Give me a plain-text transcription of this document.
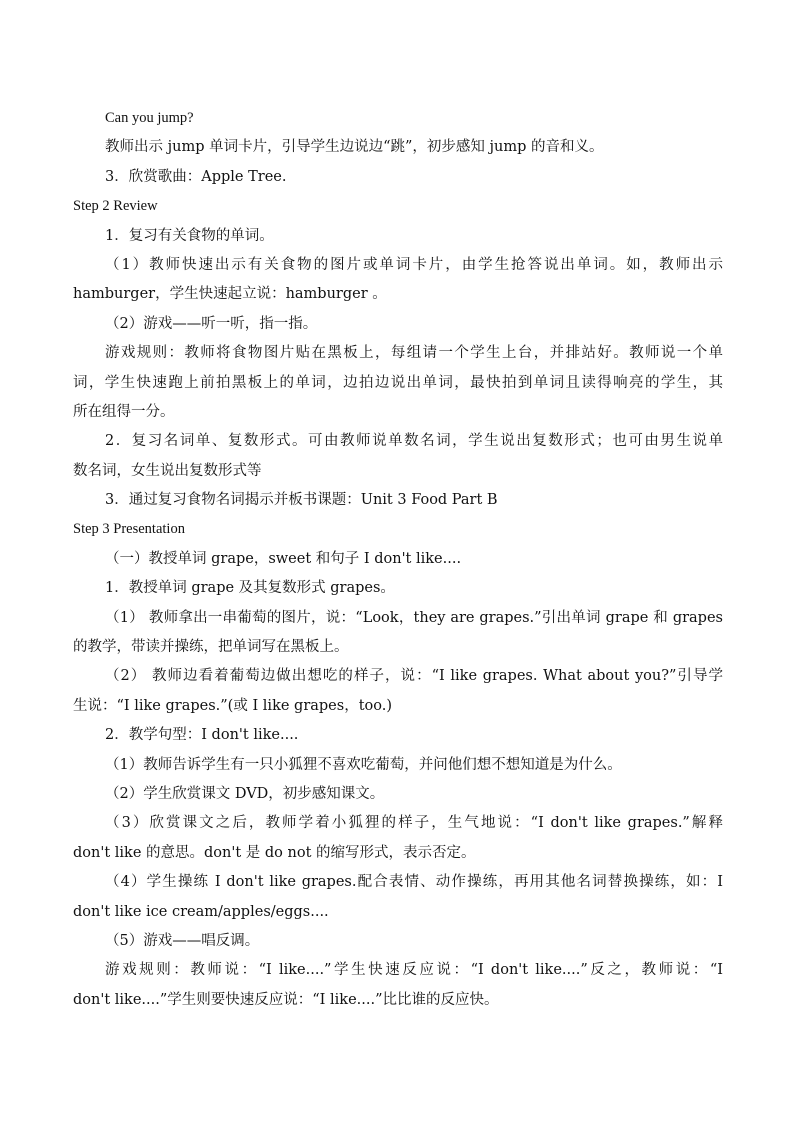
Can you jump?
教师出示 jump 单词卡片，引导学生边说边“跳”，初步感知 jump 的音和义。
3．欣赏歌曲：Apple Tree.
Step 2 Review
1．复习有关食物的单词。
（1）教师快速出示有关食物的图片或单词卡片，由学生抢答说出单词。如，教师出示
hamburger，学生快速起立说：hamburger 。
（2）游戏——听一听，指一指。
游戏规则：教师将食物图片贴在黑板上，每组请一个学生上台，并排站好。教师说一个单
词，学生快速跑上前拍黑板上的单词，边拍边说出单词，最快拍到单词且读得响亮的学生，其
所在组得一分。
2．复习名词单、复数形式。可由教师说单数名词，学生说出复数形式；也可由男生说单
数名词，女生说出复数形式等
3．通过复习食物名词揭示并板书课题：Unit 3 Food Part B
Step 3 Presentation
（一）教授单词 grape，sweet 和句子 I don't like....
1．教授单词 grape 及其复数形式 grapes。
（1） 教师拿出一串葡萄的图片，说：“Look，they are grapes.”引出单词 grape 和 grapes
的教学，带读并操练，把单词写在黑板上。
（2） 教师边看着葡萄边做出想吃的样子，说：“I like grapes. What about you?”引导学
生说：“I like grapes.”(或 I like grapes，too.)
2．教学句型：I don't like....
（1）教师告诉学生有一只小狐狸不喜欢吃葡萄，并问他们想不想知道是为什么。
（2）学生欣赏课文 DVD，初步感知课文。
（3）欣赏课文之后，教师学着小狐狸的样子，生气地说：“I don't like grapes.”解释
don't like 的意思。don't 是 do not 的缩写形式，表示否定。
（4）学生操练 I don't like grapes.配合表情、动作操练，再用其他名词替换操练，如：I
don't like ice cream/apples/eggs....
（5）游戏——唱反调。
游戏规则：教师说：“I like....”学生快速反应说：“I don't like....”反之，教师说：“I
don't like....”学生则要快速反应说：“I like....”比比谁的反应快。
